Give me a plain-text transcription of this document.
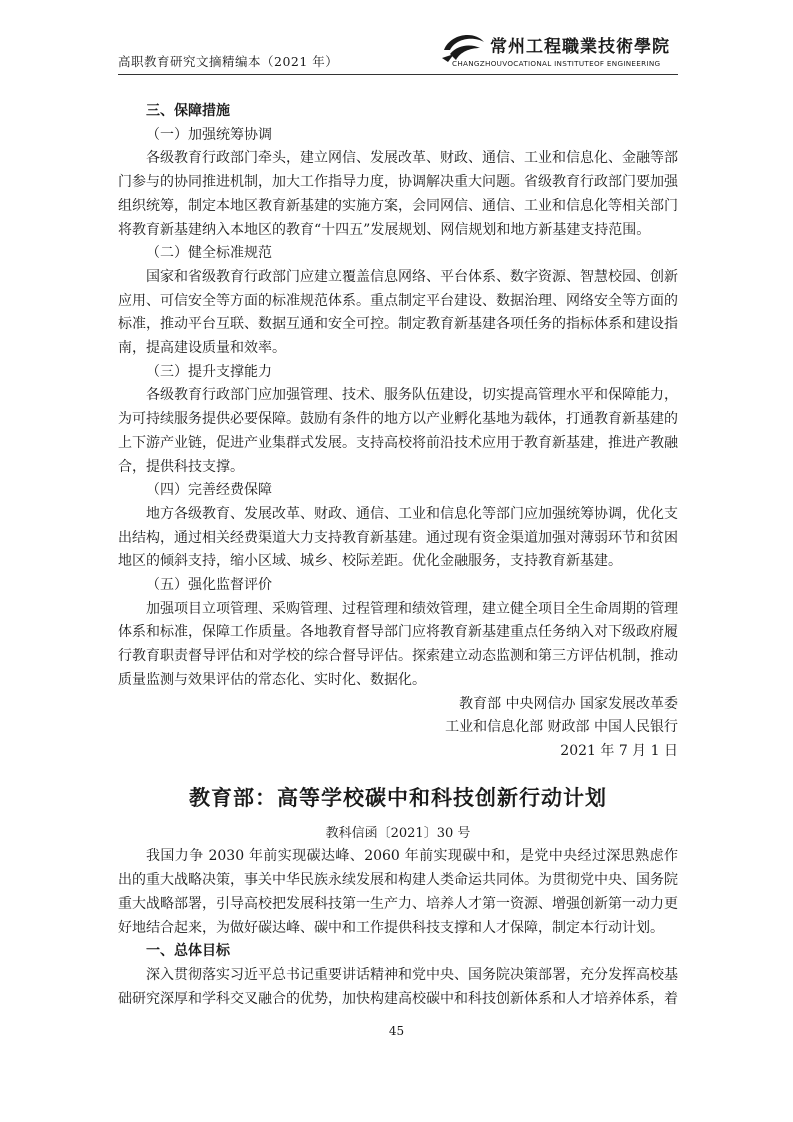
高职教育研究文摘精编本（2021 年）
常州工程職業技術學院
CHANGZHOUVOCATIONAL INSTITUTEOF ENGINEERING

三、保障措施

（一）加强统筹协调

各级教育行政部门牵头，建立网信、发展改革、财政、通信、工业和信息化、金融等部门参与的协同推进机制，加大工作指导力度，协调解决重大问题。省级教育行政部门要加强组织统筹，制定本地区教育新基建的实施方案，会同网信、通信、工业和信息化等相关部门将教育新基建纳入本地区的教育“十四五”发展规划、网信规划和地方新基建支持范围。

（二）健全标准规范

国家和省级教育行政部门应建立覆盖信息网络、平台体系、数字资源、智慧校园、创新应用、可信安全等方面的标准规范体系。重点制定平台建设、数据治理、网络安全等方面的标准，推动平台互联、数据互通和安全可控。制定教育新基建各项任务的指标体系和建设指南，提高建设质量和效率。

（三）提升支撑能力

各级教育行政部门应加强管理、技术、服务队伍建设，切实提高管理水平和保障能力，为可持续服务提供必要保障。鼓励有条件的地方以产业孵化基地为载体，打通教育新基建的上下游产业链，促进产业集群式发展。支持高校将前沿技术应用于教育新基建，推进产教融合，提供科技支撑。

（四）完善经费保障

地方各级教育、发展改革、财政、通信、工业和信息化等部门应加强统筹协调，优化支出结构，通过相关经费渠道大力支持教育新基建。通过现有资金渠道加强对薄弱环节和贫困地区的倾斜支持，缩小区域、城乡、校际差距。优化金融服务，支持教育新基建。

（五）强化监督评价

加强项目立项管理、采购管理、过程管理和绩效管理，建立健全项目全生命周期的管理体系和标准，保障工作质量。各地教育督导部门应将教育新基建重点任务纳入对下级政府履行教育职责督导评估和对学校的综合督导评估。探索建立动态监测和第三方评估机制，推动质量监测与效果评估的常态化、实时化、数据化。

教育部 中央网信办 国家发展改革委

工业和信息化部 财政部 中国人民银行

2021 年 7 月 1 日

教育部：高等学校碳中和科技创新行动计划

教科信函〔2021〕30 号

我国力争 2030 年前实现碳达峰、2060 年前实现碳中和，是党中央经过深思熟虑作出的重大战略决策，事关中华民族永续发展和构建人类命运共同体。为贯彻党中央、国务院重大战略部署，引导高校把发展科技第一生产力、培养人才第一资源、增强创新第一动力更好地结合起来，为做好碳达峰、碳中和工作提供科技支撑和人才保障，制定本行动计划。

一、总体目标

深入贯彻落实习近平总书记重要讲话精神和党中央、国务院决策部署，充分发挥高校基础研究深厚和学科交叉融合的优势，加快构建高校碳中和科技创新体系和人才培养体系，着

45
